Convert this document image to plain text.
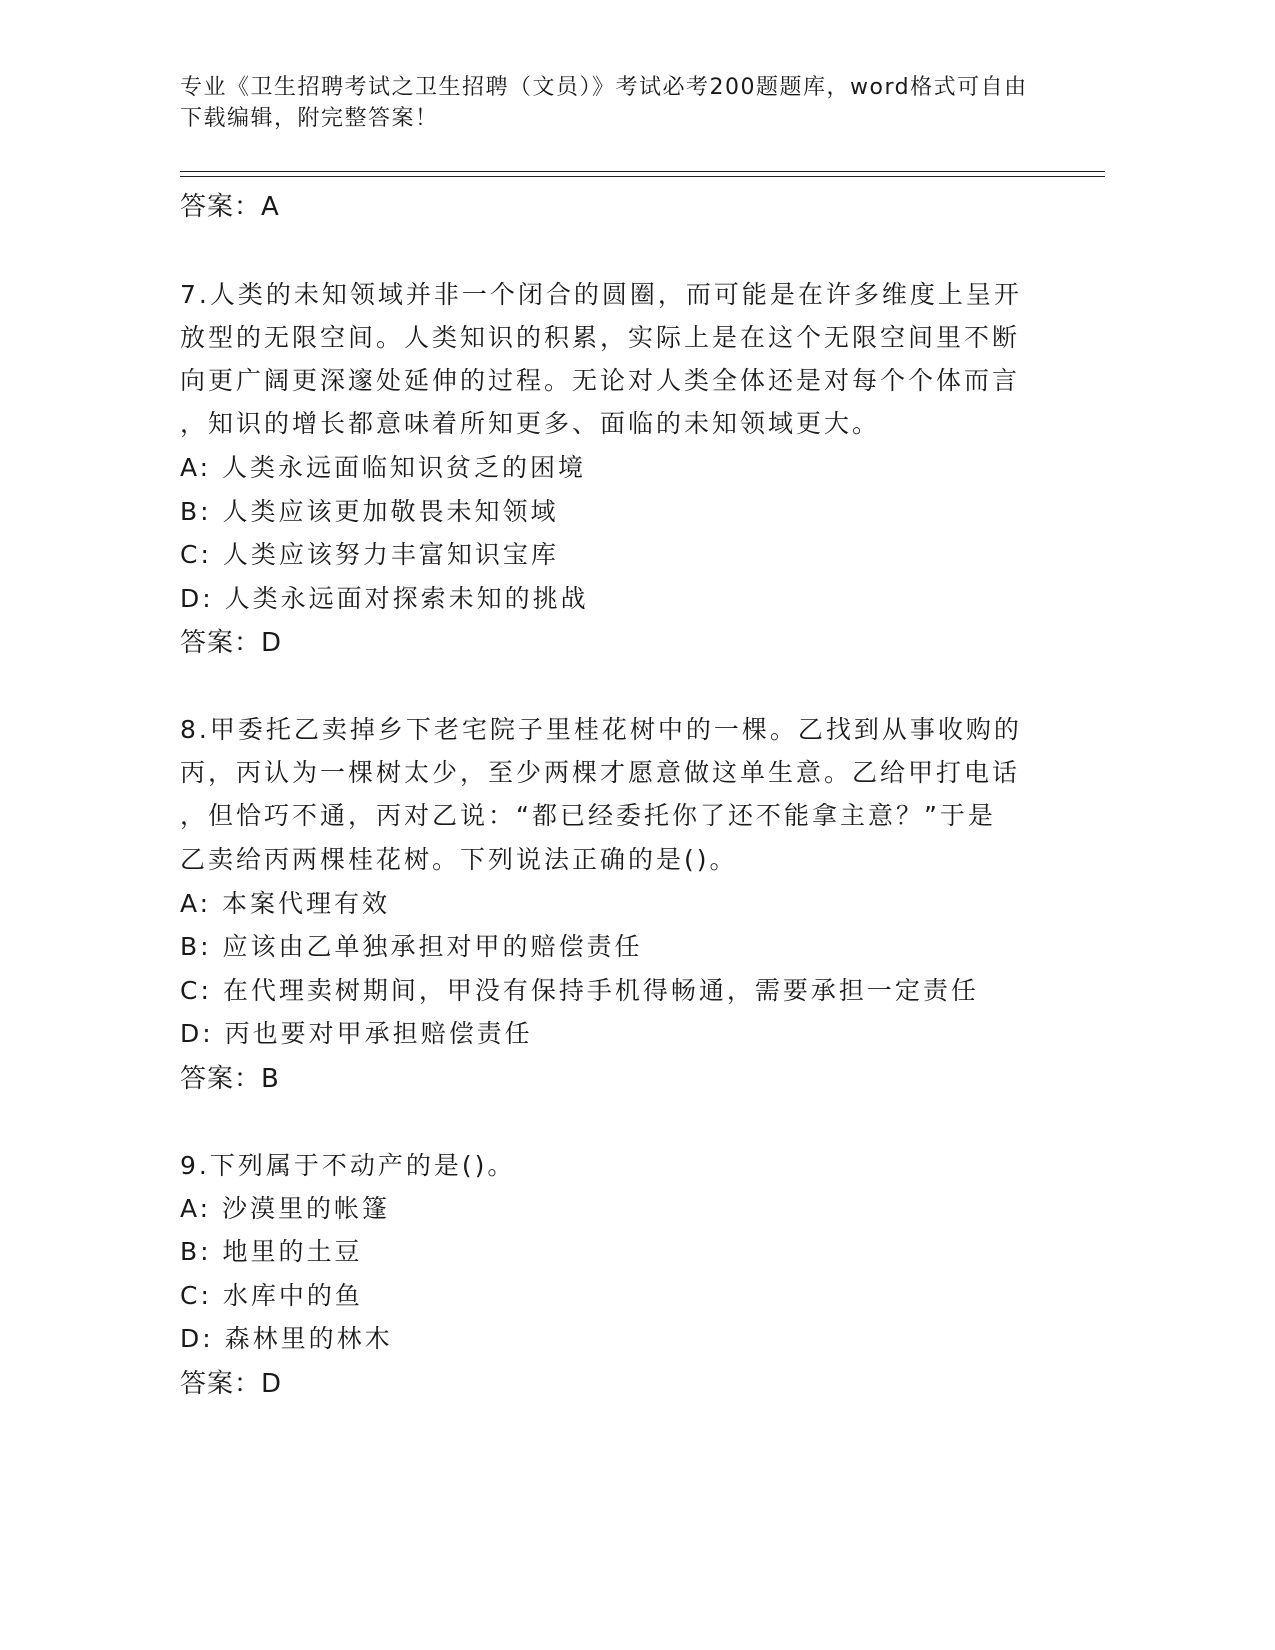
专业《卫生招聘考试之卫生招聘（文员）》考试必考200题题库，word格式可自由下载编辑，附完整答案！
答案：A
7.人类的未知领域并非一个闭合的圆圈，而可能是在许多维度上呈开
放型的无限空间。人类知识的积累，实际上是在这个无限空间里不断
向更广阔更深邃处延伸的过程。无论对人类全体还是对每个个体而言
，知识的增长都意味着所知更多、面临的未知领域更大。
A: 人类永远面临知识贫乏的困境
B: 人类应该更加敬畏未知领域
C: 人类应该努力丰富知识宝库
D: 人类永远面对探索未知的挑战
答案：D
8.甲委托乙卖掉乡下老宅院子里桂花树中的一棵。乙找到从事收购的
丙，丙认为一棵树太少，至少两棵才愿意做这单生意。乙给甲打电话
，但恰巧不通，丙对乙说：“都已经委托你了还不能拿主意？”于是
乙卖给丙两棵桂花树。下列说法正确的是()。
A: 本案代理有效
B: 应该由乙单独承担对甲的赔偿责任
C: 在代理卖树期间，甲没有保持手机得畅通，需要承担一定责任
D: 丙也要对甲承担赔偿责任
答案：B
9.下列属于不动产的是()。
A: 沙漠里的帐篷
B: 地里的土豆
C: 水库中的鱼
D: 森林里的林木
答案：D
